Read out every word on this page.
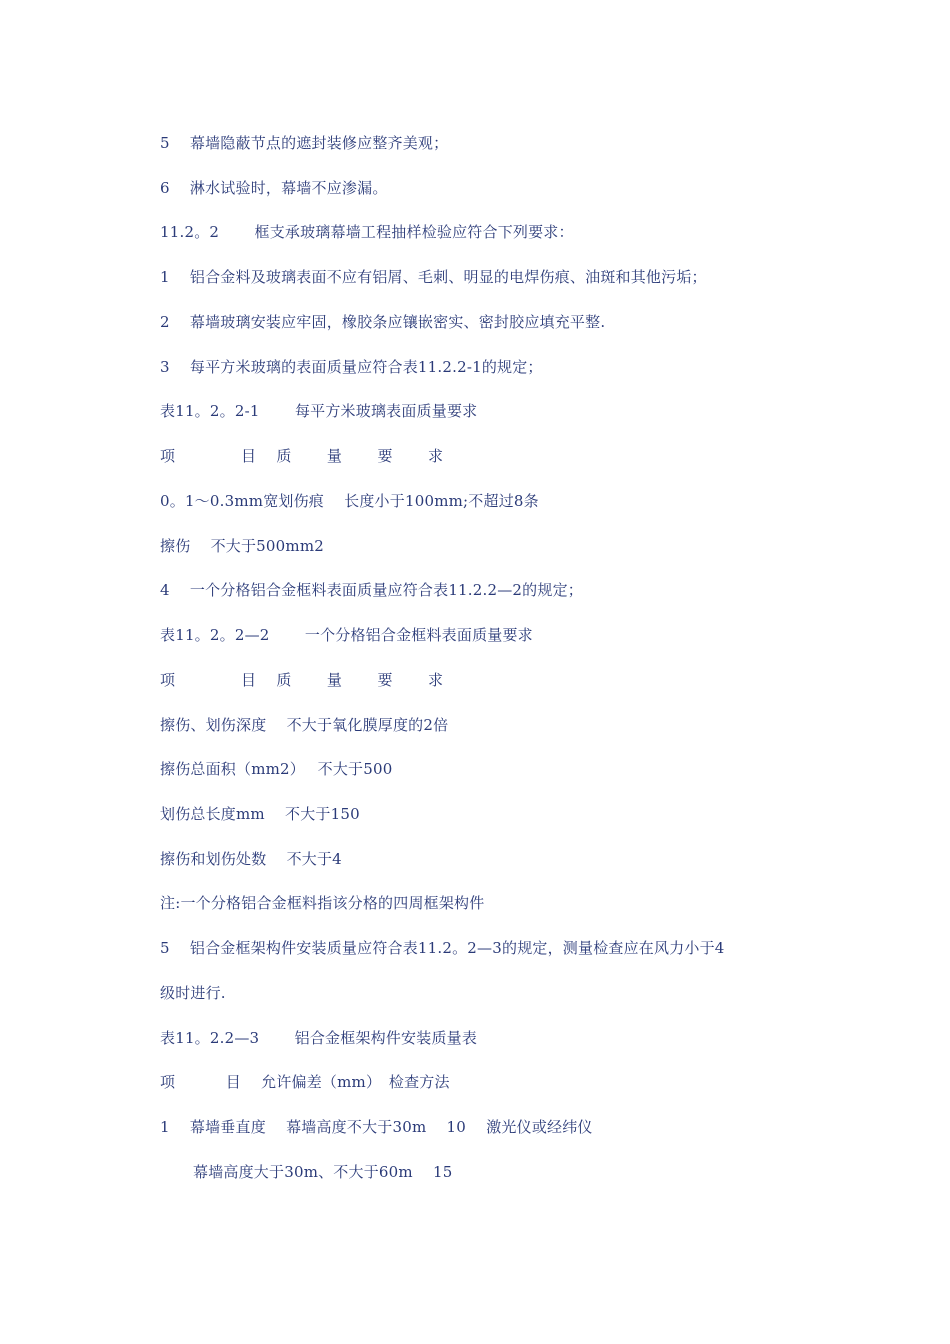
5　 幕墙隐蔽节点的遮封装修应整齐美观；
6　 淋水试验时，幕墙不应渗漏。
11.2。2　　 框支承玻璃幕墙工程抽样检验应符合下列要求：
1　 铝合金料及玻璃表面不应有铝屑、毛刺、明显的电焊伤痕、油斑和其他污垢；
2　 幕墙玻璃安装应牢固，橡胶条应镶嵌密实、密封胶应填充平整.
3　 每平方米玻璃的表面质量应符合表11.2.2-1的规定；
表11。2。2-1　　 每平方米玻璃表面质量要求
项　　　　 目　 质　　 量　　 要　　 求
0。1～0.3mm宽划伤痕　 长度小于100mm;不超过8条
擦伤　 不大于500mm2
4　 一个分格铝合金框料表面质量应符合表11.2.2—2的规定；
表11。2。2—2　　 一个分格铝合金框料表面质量要求
项　　　　 目　 质　　 量　　 要　　 求
擦伤、划伤深度　 不大于氧化膜厚度的2倍
擦伤总面积（mm2）　 不大于500
划伤总长度mm　 不大于150
擦伤和划伤处数　 不大于4
注:一个分格铝合金框料指该分格的四周框架构件
5　 铝合金框架构件安装质量应符合表11.2。2—3的规定，测量检查应在风力小于4
级时进行.
表11。2.2—3　　 铝合金框架构件安装质量表
项　　　 目　 允许偏差（mm）　检查方法
1　 幕墙垂直度　 幕墙高度不大于30m　 10　 激光仪或经纬仪
幕墙高度大于30m、不大于60m　 15
